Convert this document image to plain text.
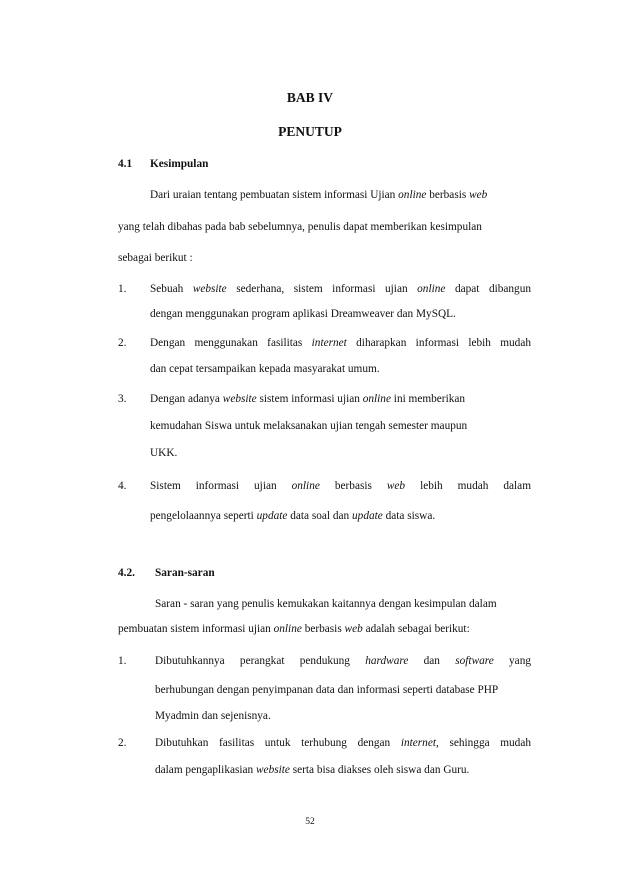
BAB IV
PENUTUP
4.1 Kesimpulan
Dari uraian tentang pembuatan sistem informasi Ujian online berbasis web
yang telah dibahas pada bab sebelumnya, penulis dapat memberikan kesimpulan
sebagai berikut :
1. Sebuah website sederhana, sistem informasi ujian online dapat dibangun
dengan menggunakan program aplikasi Dreamweaver dan MySQL.
2. Dengan menggunakan fasilitas internet diharapkan informasi lebih mudah
dan cepat tersampaikan kepada masyarakat umum.
3. Dengan adanya website sistem informasi ujian online ini memberikan
kemudahan Siswa untuk melaksanakan ujian tengah semester maupun
UKK.
4. Sistem informasi ujian online berbasis web lebih mudah dalam
pengelolaannya seperti update data soal dan update data siswa.
4.2. Saran-saran
Saran - saran yang penulis kemukakan kaitannya dengan kesimpulan dalam
pembuatan sistem informasi ujian online berbasis web adalah sebagai berikut:
1.	Dibutuhkannya perangkat pendukung hardware dan software yang
berhubungan dengan penyimpanan data dan informasi seperti database PHP
Myadmin dan sejenisnya.
2.	Dibutuhkan fasilitas untuk terhubung dengan internet, sehingga mudah
dalam pengaplikasian website serta bisa diakses oleh siswa dan Guru.
52
